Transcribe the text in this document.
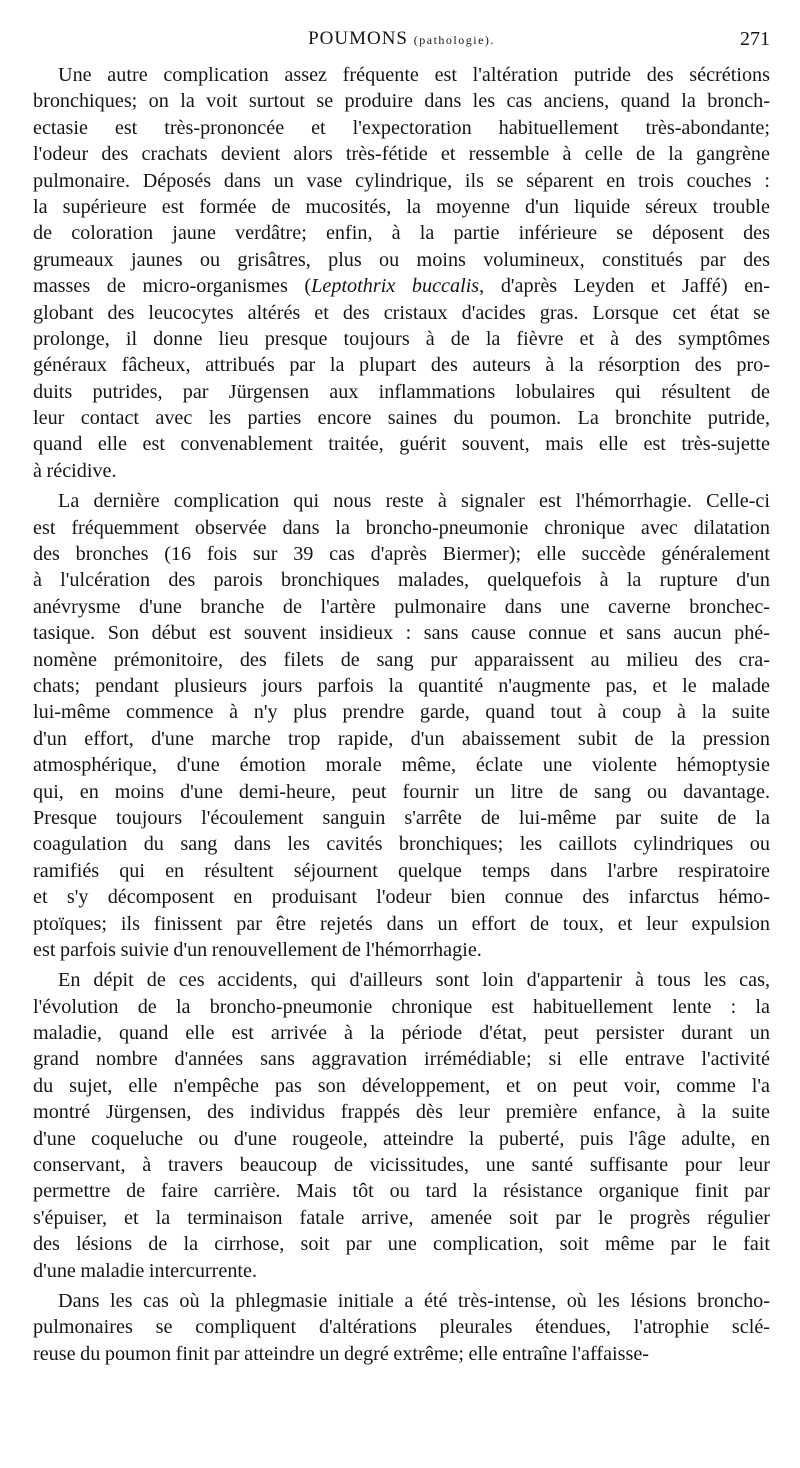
POUMONS (pathologie).	271
Une autre complication assez fréquente est l'altération putride des sécrétions
bronchiques; on la voit surtout se produire dans les cas anciens, quand la bronch-
ectasie est très-prononcée et l'expectoration habituellement très-abondante;
l'odeur des crachats devient alors très-fétide et ressemble à celle de la gangrène
pulmonaire. Déposés dans un vase cylindrique, ils se séparent en trois couches :
la supérieure est formée de mucosités, la moyenne d'un liquide séreux trouble
de coloration jaune verdâtre; enfin, à la partie inférieure se déposent des
grumeaux jaunes ou grisâtres, plus ou moins volumineux, constitués par des
masses de micro-organismes (Leptothrix buccalis, d'après Leyden et Jaffé) en-
globant des leucocytes altérés et des cristaux d'acides gras. Lorsque cet état se
prolonge, il donne lieu presque toujours à de la fièvre et à des symptômes
généraux fâcheux, attribués par la plupart des auteurs à la résorption des pro-
duits putrides, par Jürgensen aux inflammations lobulaires qui résultent de
leur contact avec les parties encore saines du poumon. La bronchite putride,
quand elle est convenablement traitée, guérit souvent, mais elle est très-sujette
à récidive.
La dernière complication qui nous reste à signaler est l'hémorrhagie. Celle-ci
est fréquemment observée dans la broncho-pneumonie chronique avec dilatation
des bronches (16 fois sur 39 cas d'après Biermer); elle succède généralement
à l'ulcération des parois bronchiques malades, quelquefois à la rupture d'un
anévrysme d'une branche de l'artère pulmonaire dans une caverne bronchec-
tasique. Son début est souvent insidieux : sans cause connue et sans aucun phé-
nomène prémonitoire, des filets de sang pur apparaissent au milieu des cra-
chats; pendant plusieurs jours parfois la quantité n'augmente pas, et le malade
lui-même commence à n'y plus prendre garde, quand tout à coup à la suite
d'un effort, d'une marche trop rapide, d'un abaissement subit de la pression
atmosphérique, d'une émotion morale même, éclate une violente hémoptysie
qui, en moins d'une demi-heure, peut fournir un litre de sang ou davantage.
Presque toujours l'écoulement sanguin s'arrête de lui-même par suite de la
coagulation du sang dans les cavités bronchiques; les caillots cylindriques ou
ramifiés qui en résultent séjournent quelque temps dans l'arbre respiratoire
et s'y décomposent en produisant l'odeur bien connue des infarctus hémo-
ptoïques; ils finissent par être rejetés dans un effort de toux, et leur expulsion
est parfois suivie d'un renouvellement de l'hémorrhagie.
En dépit de ces accidents, qui d'ailleurs sont loin d'appartenir à tous les cas,
l'évolution de la broncho-pneumonie chronique est habituellement lente : la
maladie, quand elle est arrivée à la période d'état, peut persister durant un
grand nombre d'années sans aggravation irrémédiable; si elle entrave l'activité
du sujet, elle n'empêche pas son développement, et on peut voir, comme l'a
montré Jürgensen, des individus frappés dès leur première enfance, à la suite
d'une coqueluche ou d'une rougeole, atteindre la puberté, puis l'âge adulte, en
conservant, à travers beaucoup de vicissitudes, une santé suffisante pour leur
permettre de faire carrière. Mais tôt ou tard la résistance organique finit par
s'épuiser, et la terminaison fatale arrive, amenée soit par le progrès régulier
des lésions de la cirrhose, soit par une complication, soit même par le fait
d'une maladie intercurrente.
Dans les cas où la phlegmasie initiale a été très-intense, où les lésions broncho-
pulmonaires se compliquent d'altérations pleurales étendues, l'atrophie sclé-
reuse du poumon finit par atteindre un degré extrême; elle entraîne l'affaisse-
